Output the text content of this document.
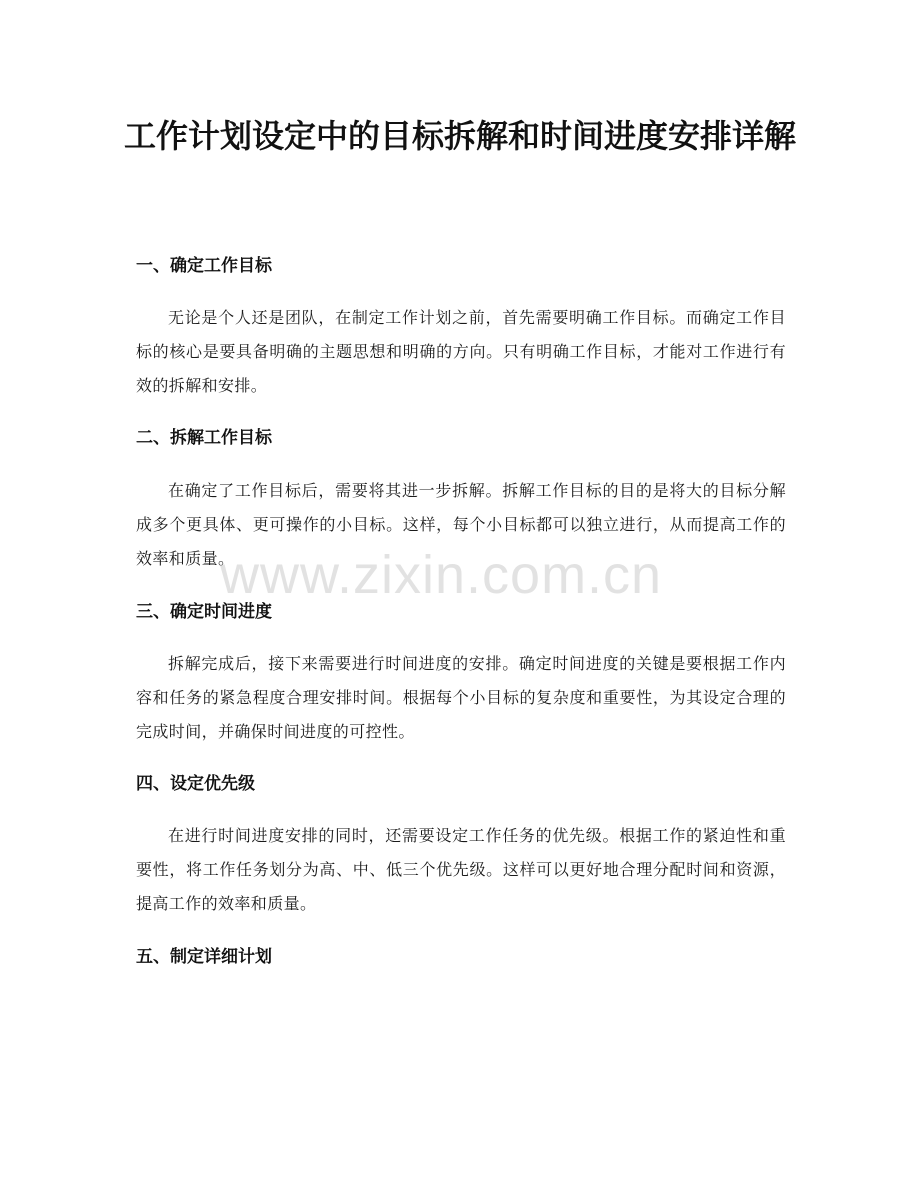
工作计划设定中的目标拆解和时间进度安排详解
一、确定工作目标

无论是个人还是团队，在制定工作计划之前，首先需要明确工作目标。而确定工作目标的核心是要具备明确的主题思想和明确的方向。只有明确工作目标，才能对工作进行有效的拆解和安排。

二、拆解工作目标

在确定了工作目标后，需要将其进一步拆解。拆解工作目标的目的是将大的目标分解成多个更具体、更可操作的小目标。这样，每个小目标都可以独立进行，从而提高工作的效率和质量。

三、确定时间进度

拆解完成后，接下来需要进行时间进度的安排。确定时间进度的关键是要根据工作内容和任务的紧急程度合理安排时间。根据每个小目标的复杂度和重要性，为其设定合理的完成时间，并确保时间进度的可控性。

四、设定优先级

在进行时间进度安排的同时，还需要设定工作任务的优先级。根据工作的紧迫性和重要性，将工作任务划分为高、中、低三个优先级。这样可以更好地合理分配时间和资源，提高工作的效率和质量。

五、制定详细计划
www.zixin.com.cn
